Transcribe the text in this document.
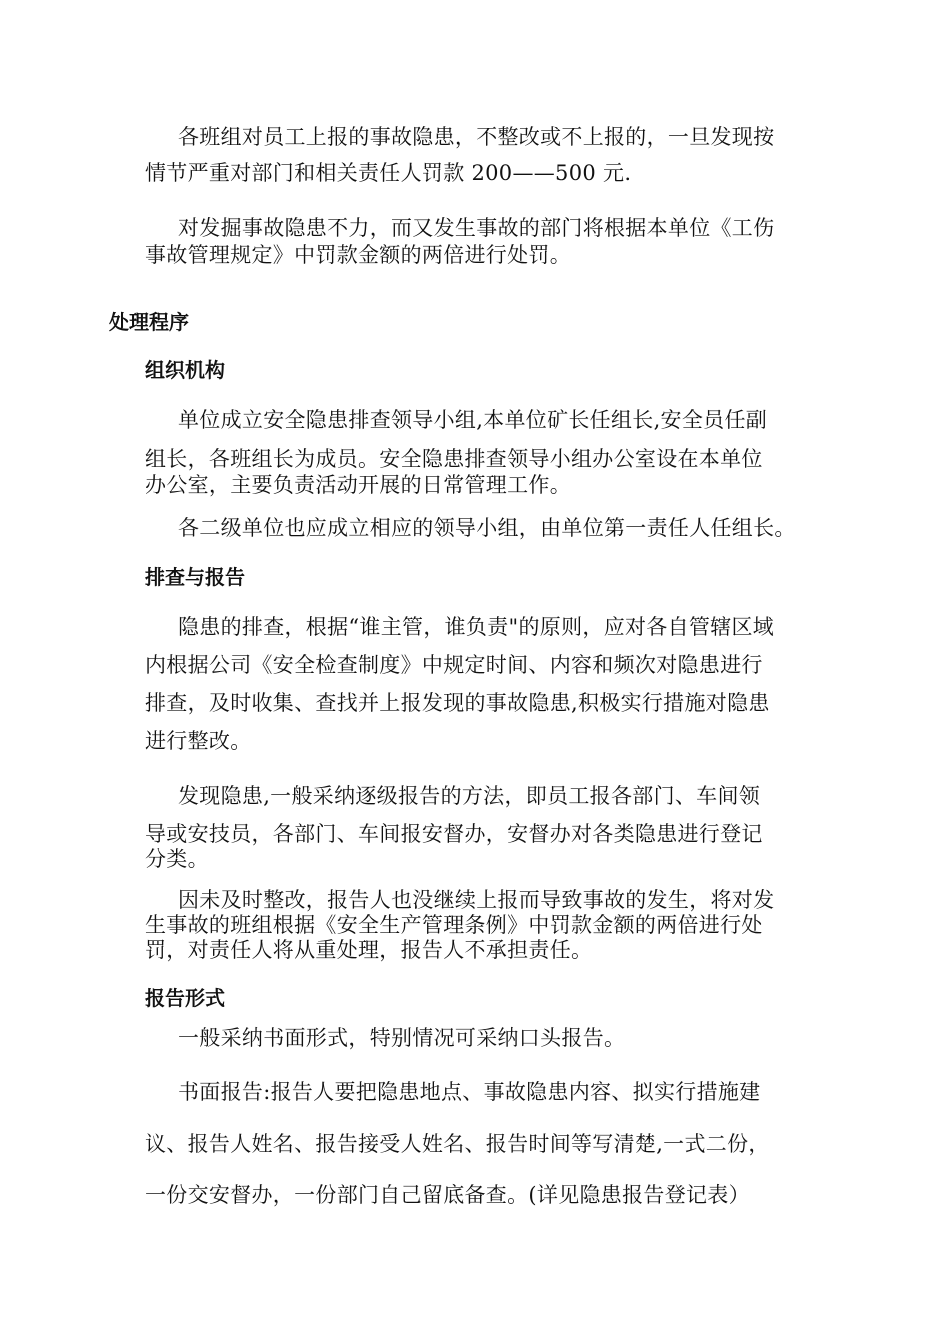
各班组对员工上报的事故隐患，不整改或不上报的，一旦发现按
情节严重对部门和相关责任人罚款 200——500 元.
对发掘事故隐患不力，而又发生事故的部门将根据本单位《工伤
事故管理规定》中罚款金额的两倍进行处罚。
处理程序
组织机构
单位成立安全隐患排查领导小组,本单位矿长任组长,安全员任副
组长，各班组长为成员。安全隐患排查领导小组办公室设在本单位
办公室，主要负责活动开展的日常管理工作。
各二级单位也应成立相应的领导小组，由单位第一责任人任组长。
排查与报告
隐患的排查，根据“谁主管，谁负责"的原则，应对各自管辖区域
内根据公司《安全检查制度》中规定时间、内容和频次对隐患进行
排查，及时收集、查找并上报发现的事故隐患,积极实行措施对隐患
进行整改。
发现隐患,一般采纳逐级报告的方法，即员工报各部门、车间领
导或安技员，各部门、车间报安督办，安督办对各类隐患进行登记
分类。
因未及时整改，报告人也没继续上报而导致事故的发生，将对发
生事故的班组根据《安全生产管理条例》中罚款金额的两倍进行处
罚，对责任人将从重处理，报告人不承担责任。
报告形式
一般采纳书面形式，特别情况可采纳口头报告。
书面报告:报告人要把隐患地点、事故隐患内容、拟实行措施建
议、报告人姓名、报告接受人姓名、报告时间等写清楚,一式二份，
一份交安督办，一份部门自己留底备查。(详见隐患报告登记表）
